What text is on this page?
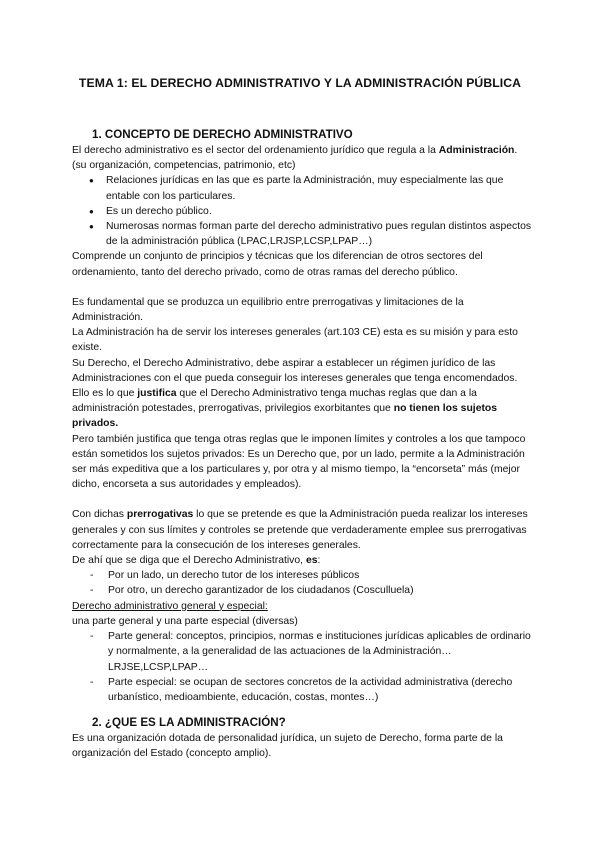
TEMA 1: EL DERECHO ADMINISTRATIVO Y LA ADMINISTRACIÓN PÚBLICA
1. CONCEPTO DE DERECHO ADMINISTRATIVO

El derecho administrativo es el sector del ordenamiento jurídico que regula a la Administración. (su organización, competencias, patrimonio, etc)

● Relaciones jurídicas en las que es parte la Administración, muy especialmente las que entable con los particulares.
● Es un derecho público.
● Numerosas normas forman parte del derecho administrativo pues regulan distintos aspectos de la administración pública (LPAC,LRJSP,LCSP,LPAP…)

Comprende un conjunto de principios y técnicas que los diferencian de otros sectores del ordenamiento, tanto del derecho privado, como de otras ramas del derecho público.

Es fundamental que se produzca un equilibrio entre prerrogativas y limitaciones de la Administración.

La Administración ha de servir los intereses generales (art.103 CE) esta es su misión y para esto existe.

Su Derecho, el Derecho Administrativo, debe aspirar a establecer un régimen jurídico de las Administraciones con el que pueda conseguir los intereses generales que tenga encomendados.

Ello es lo que justifica que el Derecho Administrativo tenga muchas reglas que dan a la administración potestades, prerrogativas, privilegios exorbitantes que no tienen los sujetos privados.

Pero también justifica que tenga otras reglas que le imponen límites y controles a los que tampoco están sometidos los sujetos privados: Es un Derecho que, por un lado, permite a la Administración ser más expeditiva que a los particulares y, por otra y al mismo tiempo, la “encorseta” más (mejor dicho, encorseta a sus autoridades y empleados).

Con dichas prerrogativas lo que se pretende es que la Administración pueda realizar los intereses generales y con sus límites y controles se pretende que verdaderamente emplee sus prerrogativas correctamente para la consecución de los intereses generales.

De ahí que se diga que el Derecho Administrativo, es:

- Por un lado, un derecho tutor de los intereses públicos
- Por otro, un derecho garantizador de los ciudadanos (Cosculluela)

Derecho administrativo general y especial:

una parte general y una parte especial (diversas)

- Parte general: conceptos, principios, normas e instituciones jurídicas aplicables de ordinario y normalmente, a la generalidad de las actuaciones de la Administración… LRJSE,LCSP,LPAP…
- Parte especial: se ocupan de sectores concretos de la actividad administrativa (derecho urbanístico, medioambiente, educación, costas, montes…)
2. ¿QUE ES LA ADMINISTRACIÓN?

Es una organización dotada de personalidad jurídica, un sujeto de Derecho, forma parte de la organización del Estado (concepto amplio).
